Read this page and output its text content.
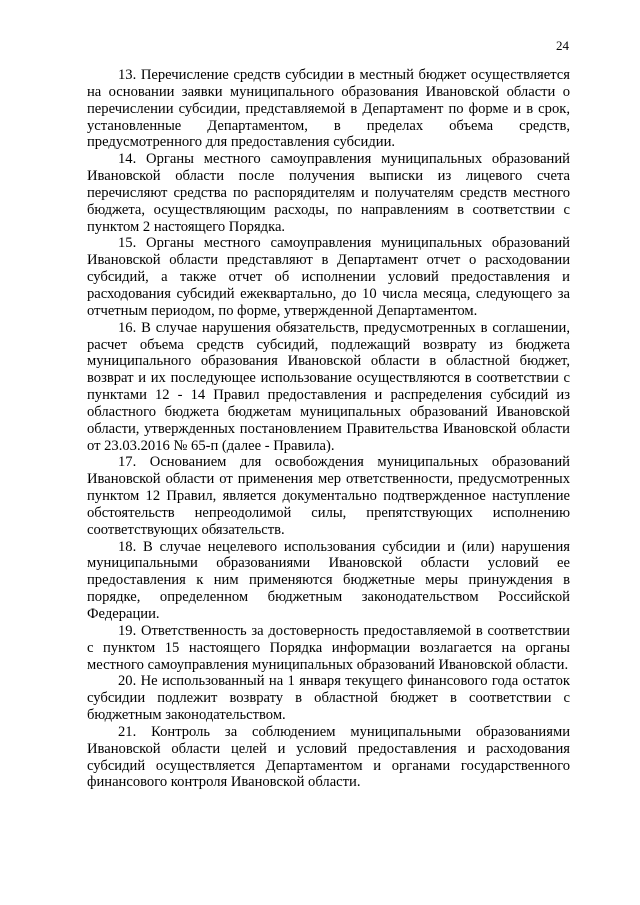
24

13. Перечисление средств субсидии в местный бюджет осуществляется на основании заявки муниципального образования Ивановской области о перечислении субсидии, представляемой в Департамент по форме и в срок, установленные Департаментом, в пределах объема средств, предусмотренного для предоставления субсидии.

14. Органы местного самоуправления муниципальных образований Ивановской области после получения выписки из лицевого счета перечисляют средства по распорядителям и получателям средств местного бюджета, осуществляющим расходы, по направлениям в соответствии с пунктом 2 настоящего Порядка.

15. Органы местного самоуправления муниципальных образований Ивановской области представляют в Департамент отчет о расходовании субсидий, а также отчет об исполнении условий предоставления и расходования субсидий ежеквартально, до 10 числа месяца, следующего за отчетным периодом, по форме, утвержденной Департаментом.

16. В случае нарушения обязательств, предусмотренных в соглашении, расчет объема средств субсидий, подлежащий возврату из бюджета муниципального образования Ивановской области в областной бюджет, возврат и их последующее использование осуществляются в соответствии с пунктами 12 - 14 Правил предоставления и распределения субсидий из областного бюджета бюджетам муниципальных образований Ивановской области, утвержденных постановлением Правительства Ивановской области от 23.03.2016 № 65-п (далее - Правила).

17. Основанием для освобождения муниципальных образований Ивановской области от применения мер ответственности, предусмотренных пунктом 12 Правил, является документально подтвержденное наступление обстоятельств непреодолимой силы, препятствующих исполнению соответствующих обязательств.

18. В случае нецелевого использования субсидии и (или) нарушения муниципальными образованиями Ивановской области условий ее предоставления к ним применяются бюджетные меры принуждения в порядке, определенном бюджетным законодательством Российской Федерации.

19. Ответственность за достоверность предоставляемой в соответствии с пунктом 15 настоящего Порядка информации возлагается на органы местного самоуправления муниципальных образований Ивановской области.

20. Не использованный на 1 января текущего финансового года остаток субсидии подлежит возврату в областной бюджет в соответствии с бюджетным законодательством.

21. Контроль за соблюдением муниципальными образованиями Ивановской области целей и условий предоставления и расходования субсидий осуществляется Департаментом и органами государственного финансового контроля Ивановской области.
